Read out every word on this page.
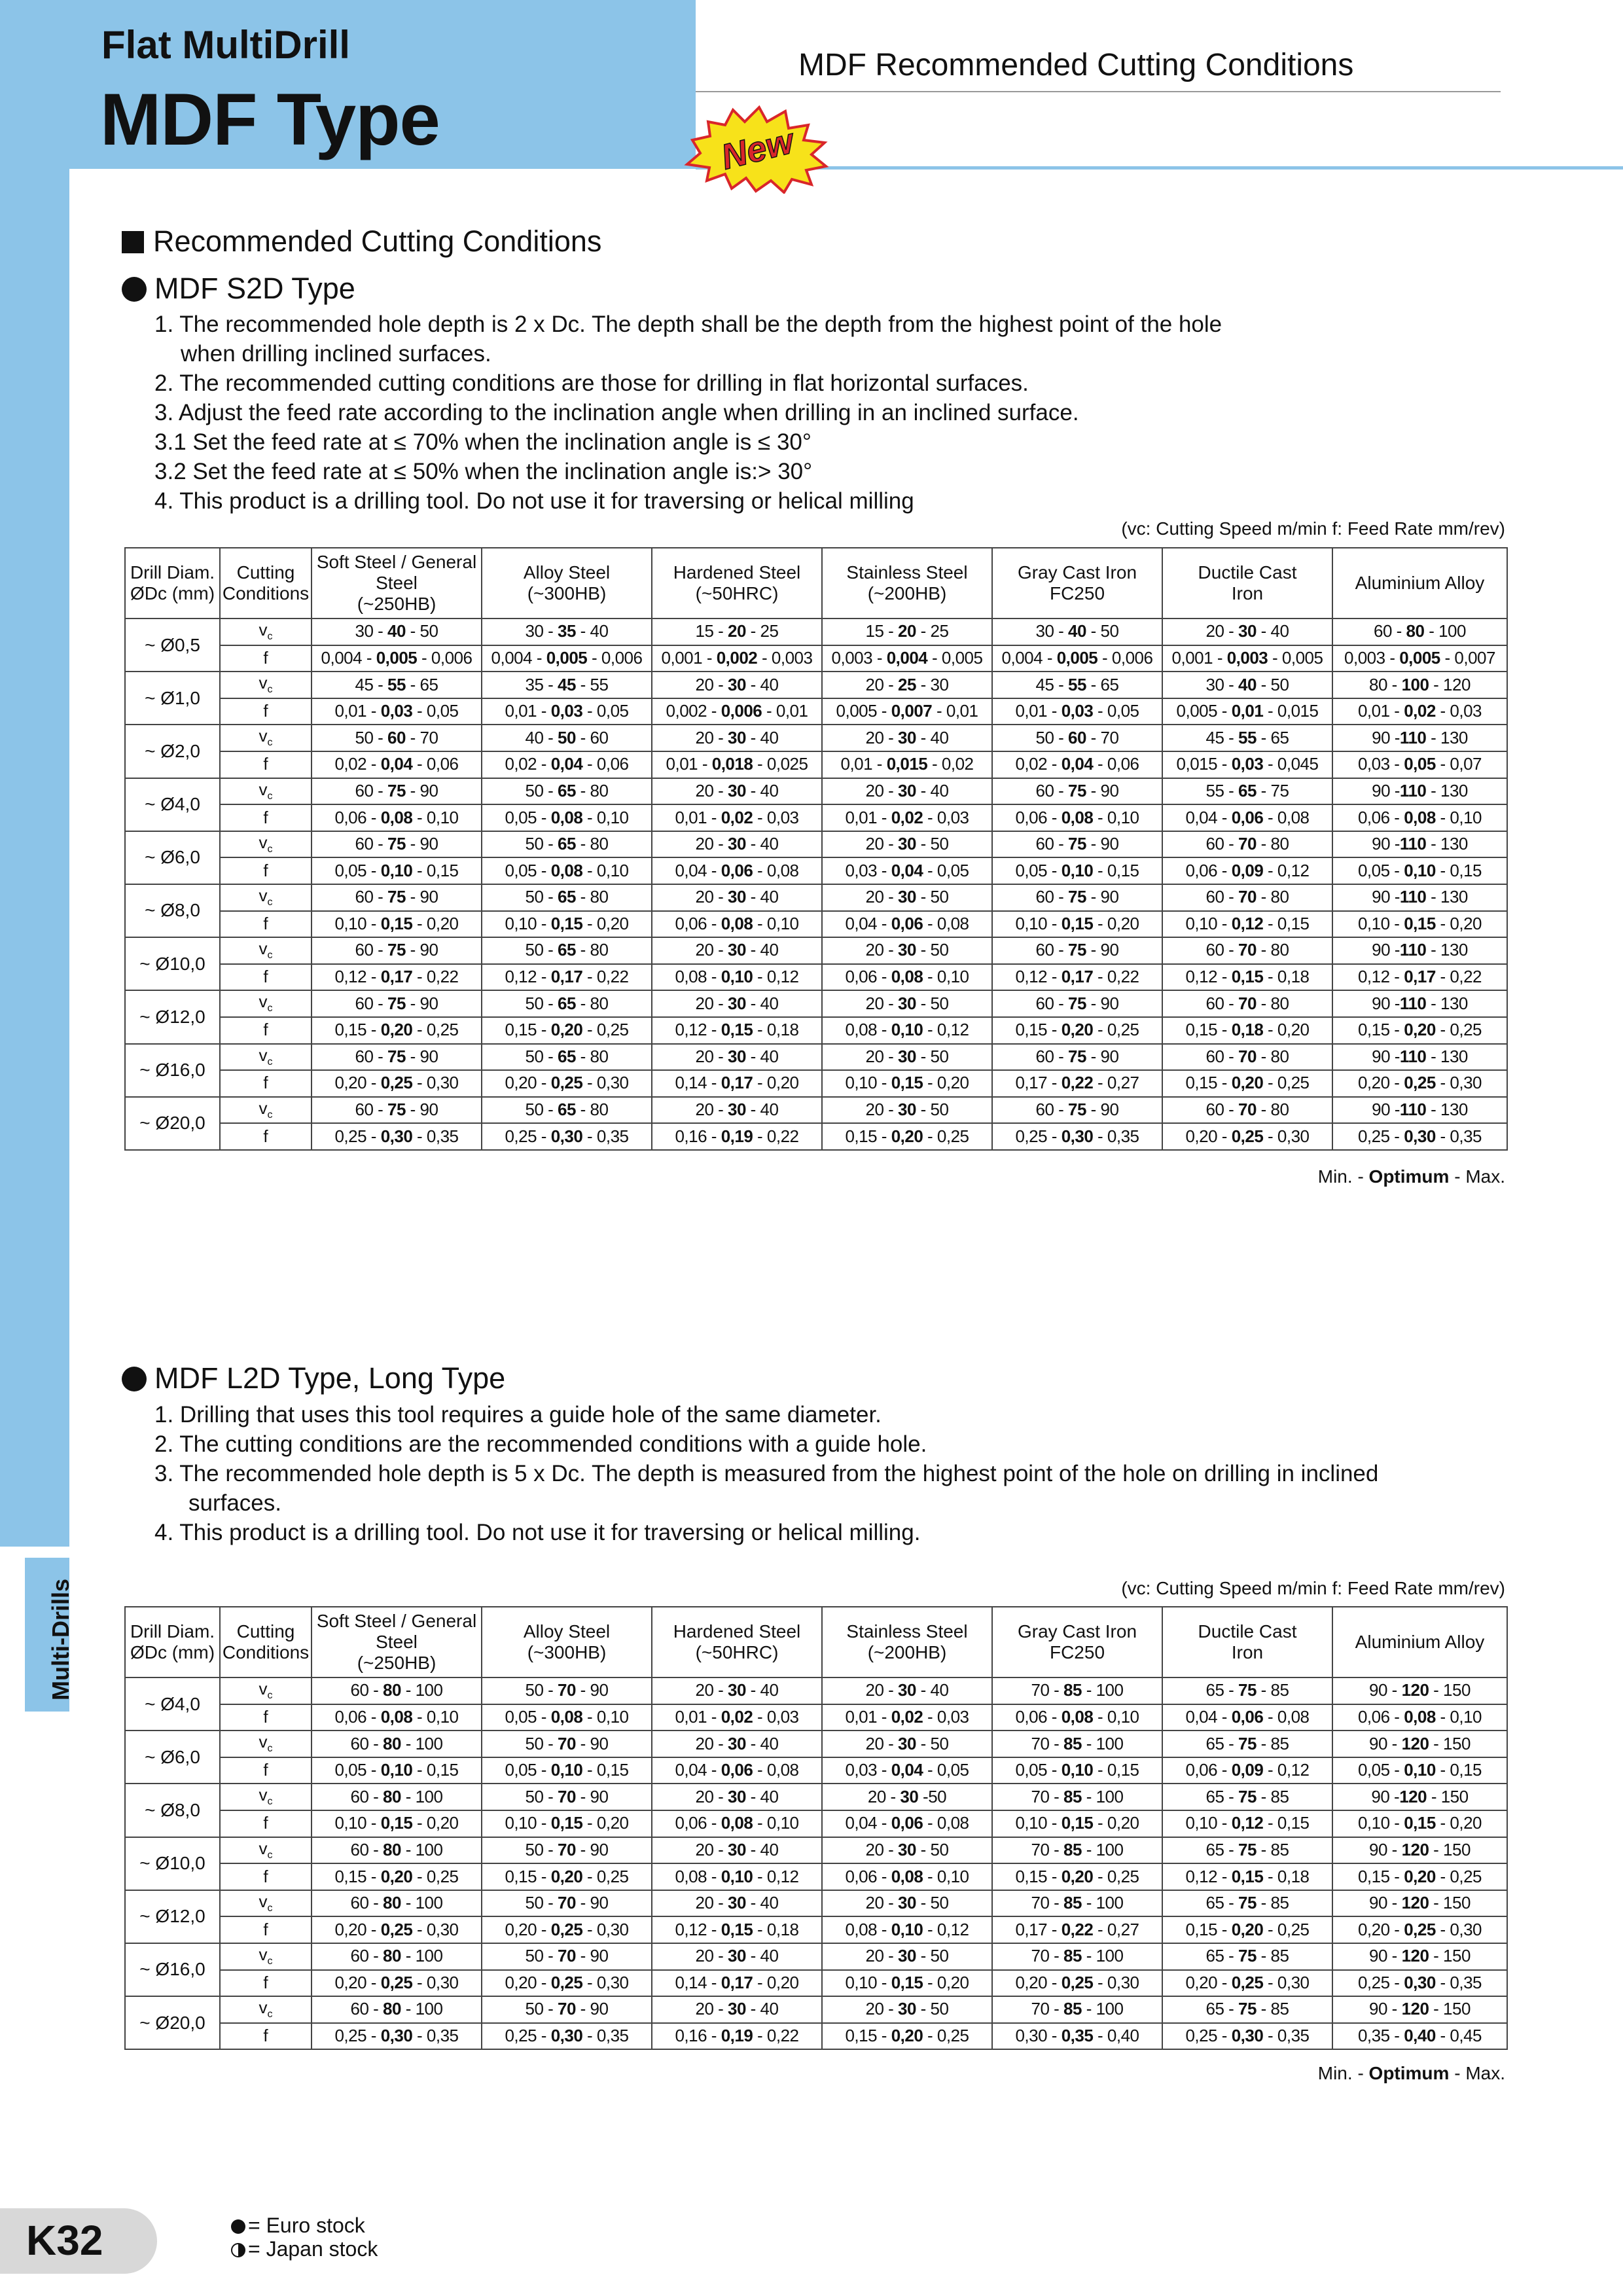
Flat MultiDrill
MDF Type
MDF Recommended Cutting Conditions
New
Multi-Drills
Recommended Cutting Conditions
MDF S2D Type
1. The recommended hole depth is 2 x Dc. The depth shall be the depth from the highest point of the hole
when drilling inclined surfaces.
2. The recommended cutting conditions are those for drilling in flat horizontal surfaces.
3. Adjust the feed rate according to the inclination angle when drilling in an inclined surface.
3.1 Set the feed rate at ≤ 70% when the inclination angle is ≤ 30°
3.2 Set the feed rate at ≤ 50% when the inclination angle is:> 30°
4. This product is a drilling tool. Do not use it for traversing or helical milling
(vc: Cutting Speed m/min f: Feed Rate mm/rev)
Drill Diam.
ØDc (mm)	Cutting
Conditions	Soft Steel / General
Steel
(~250HB)	Alloy Steel
(~300HB)	Hardened Steel
(~50HRC)	Stainless Steel
(~200HB)	Gray Cast Iron
FC250	Ductile Cast
Iron	Aluminium Alloy
~ Ø0,5	$v_c$	30 - 40 - 50	30 - 35 - 40	15 - 20 - 25	15 - 20 - 25	30 - 40 - 50	20 - 30 - 40	60 - 80 - 100
	f	0,004 - 0,005 - 0,006	0,004 - 0,005 - 0,006	0,001 - 0,002 - 0,003	0,003 - 0,004 - 0,005	0,004 - 0,005 - 0,006	0,001 - 0,003 - 0,005	0,003 - 0,005 - 0,007
~ Ø1,0	$v_c$	45 - 55 - 65	35 - 45 - 55	20 - 30 - 40	20 - 25 - 30	45 - 55 - 65	30 - 40 - 50	80 - 100 - 120
	f	0,01 - 0,03 - 0,05	0,01 - 0,03 - 0,05	0,002 - 0,006 - 0,01	0,005 - 0,007 - 0,01	0,01 - 0,03 - 0,05	0,005 - 0,01 - 0,015	0,01 - 0,02 - 0,03
~ Ø2,0	$v_c$	50 - 60 - 70	40 - 50 - 60	20 - 30 - 40	20 - 30 - 40	50 - 60 - 70	45 - 55 - 65	90 -110 - 130
	f	0,02 - 0,04 - 0,06	0,02 - 0,04 - 0,06	0,01 - 0,018 - 0,025	0,01 - 0,015 - 0,02	0,02 - 0,04 - 0,06	0,015 - 0,03 - 0,045	0,03 - 0,05 - 0,07
~ Ø4,0	$v_c$	60 - 75 - 90	50 - 65 - 80	20 - 30 - 40	20 - 30 - 40	60 - 75 - 90	55 - 65 - 75	90 -110 - 130
	f	0,06 - 0,08 - 0,10	0,05 - 0,08 - 0,10	0,01 - 0,02 - 0,03	0,01 - 0,02 - 0,03	0,06 - 0,08 - 0,10	0,04 - 0,06 - 0,08	0,06 - 0,08 - 0,10
~ Ø6,0	$v_c$	60 - 75 - 90	50 - 65 - 80	20 - 30 - 40	20 - 30 - 50	60 - 75 - 90	60 - 70 - 80	90 -110 - 130
	f	0,05 - 0,10 - 0,15	0,05 - 0,08 - 0,10	0,04 - 0,06 - 0,08	0,03 - 0,04 - 0,05	0,05 - 0,10 - 0,15	0,06 - 0,09 - 0,12	0,05 - 0,10 - 0,15
~ Ø8,0	$v_c$	60 - 75 - 90	50 - 65 - 80	20 - 30 - 40	20 - 30 - 50	60 - 75 - 90	60 - 70 - 80	90 -110 - 130
	f	0,10 - 0,15 - 0,20	0,10 - 0,15 - 0,20	0,06 - 0,08 - 0,10	0,04 - 0,06 - 0,08	0,10 - 0,15 - 0,20	0,10 - 0,12 - 0,15	0,10 - 0,15 - 0,20
~ Ø10,0	$v_c$	60 - 75 - 90	50 - 65 - 80	20 - 30 - 40	20 - 30 - 50	60 - 75 - 90	60 - 70 - 80	90 -110 - 130
	f	0,12 - 0,17 - 0,22	0,12 - 0,17 - 0,22	0,08 - 0,10 - 0,12	0,06 - 0,08 - 0,10	0,12 - 0,17 - 0,22	0,12 - 0,15 - 0,18	0,12 - 0,17 - 0,22
~ Ø12,0	$v_c$	60 - 75 - 90	50 - 65 - 80	20 - 30 - 40	20 - 30 - 50	60 - 75 - 90	60 - 70 - 80	90 -110 - 130
	f	0,15 - 0,20 - 0,25	0,15 - 0,20 - 0,25	0,12 - 0,15 - 0,18	0,08 - 0,10 - 0,12	0,15 - 0,20 - 0,25	0,15 - 0,18 - 0,20	0,15 - 0,20 - 0,25
~ Ø16,0	$v_c$	60 - 75 - 90	50 - 65 - 80	20 - 30 - 40	20 - 30 - 50	60 - 75 - 90	60 - 70 - 80	90 -110 - 130
	f	0,20 - 0,25 - 0,30	0,20 - 0,25 - 0,30	0,14 - 0,17 - 0,20	0,10 - 0,15 - 0,20	0,17 - 0,22 - 0,27	0,15 - 0,20 - 0,25	0,20 - 0,25 - 0,30
~ Ø20,0	$v_c$	60 - 75 - 90	50 - 65 - 80	20 - 30 - 40	20 - 30 - 50	60 - 75 - 90	60 - 70 - 80	90 -110 - 130
	f	0,25 - 0,30 - 0,35	0,25 - 0,30 - 0,35	0,16 - 0,19 - 0,22	0,15 - 0,20 - 0,25	0,25 - 0,30 - 0,35	0,20 - 0,25 - 0,30	0,25 - 0,30 - 0,35
Min. - Optimum - Max.
MDF L2D Type, Long Type
1. Drilling that uses this tool requires a guide hole of the same diameter.
2. The cutting conditions are the recommended conditions with a guide hole.
3. The recommended hole depth is 5 x Dc. The depth is measured from the highest point of the hole on drilling in inclined
surfaces.
4. This product is a drilling tool. Do not use it for traversing or helical milling.
(vc: Cutting Speed m/min f: Feed Rate mm/rev)
Drill Diam.
ØDc (mm)	Cutting
Conditions	Soft Steel / General
Steel
(~250HB)	Alloy Steel
(~300HB)	Hardened Steel
(~50HRC)	Stainless Steel
(~200HB)	Gray Cast Iron
FC250	Ductile Cast
Iron	Aluminium Alloy
~ Ø4,0	$v_c$	60 - 80 - 100	50 - 70 - 90	20 - 30 - 40	20 - 30 - 40	70 - 85 - 100	65 - 75 - 85	90 - 120 - 150
	f	0,06 - 0,08 - 0,10	0,05 - 0,08 - 0,10	0,01 - 0,02 - 0,03	0,01 - 0,02 - 0,03	0,06 - 0,08 - 0,10	0,04 - 0,06 - 0,08	0,06 - 0,08 - 0,10
~ Ø6,0	$v_c$	60 - 80 - 100	50 - 70 - 90	20 - 30 - 40	20 - 30 - 50	70 - 85 - 100	65 - 75 - 85	90 - 120 - 150
	f	0,05 - 0,10 - 0,15	0,05 - 0,10 - 0,15	0,04 - 0,06 - 0,08	0,03 - 0,04 - 0,05	0,05 - 0,10 - 0,15	0,06 - 0,09 - 0,12	0,05 - 0,10 - 0,15
~ Ø8,0	$v_c$	60 - 80 - 100	50 - 70 - 90	20 - 30 - 40	20 - 30 -50	70 - 85 - 100	65 - 75 - 85	90 -120 - 150
	f	0,10 - 0,15 - 0,20	0,10 - 0,15 - 0,20	0,06 - 0,08 - 0,10	0,04 - 0,06 - 0,08	0,10 - 0,15 - 0,20	0,10 - 0,12 - 0,15	0,10 - 0,15 - 0,20
~ Ø10,0	$v_c$	60 - 80 - 100	50 - 70 - 90	20 - 30 - 40	20 - 30 - 50	70 - 85 - 100	65 - 75 - 85	90 - 120 - 150
	f	0,15 - 0,20 - 0,25	0,15 - 0,20 - 0,25	0,08 - 0,10 - 0,12	0,06 - 0,08 - 0,10	0,15 - 0,20 - 0,25	0,12 - 0,15 - 0,18	0,15 - 0,20 - 0,25
~ Ø12,0	$v_c$	60 - 80 - 100	50 - 70 - 90	20 - 30 - 40	20 - 30 - 50	70 - 85 - 100	65 - 75 - 85	90 - 120 - 150
	f	0,20 - 0,25 - 0,30	0,20 - 0,25 - 0,30	0,12 - 0,15 - 0,18	0,08 - 0,10 - 0,12	0,17 - 0,22 - 0,27	0,15 - 0,20 - 0,25	0,20 - 0,25 - 0,30
~ Ø16,0	$v_c$	60 - 80 - 100	50 - 70 - 90	20 - 30 - 40	20 - 30 - 50	70 - 85 - 100	65 - 75 - 85	90 - 120 - 150
	f	0,20 - 0,25 - 0,30	0,20 - 0,25 - 0,30	0,14 - 0,17 - 0,20	0,10 - 0,15 - 0,20	0,20 - 0,25 - 0,30	0,20 - 0,25 - 0,30	0,25 - 0,30 - 0,35
~ Ø20,0	$v_c$	60 - 80 - 100	50 - 70 - 90	20 - 30 - 40	20 - 30 - 50	70 - 85 - 100	65 - 75 - 85	90 - 120 - 150
	f	0,25 - 0,30 - 0,35	0,25 - 0,30 - 0,35	0,16 - 0,19 - 0,22	0,15 - 0,20 - 0,25	0,30 - 0,35 - 0,40	0,25 - 0,30 - 0,35	0,35 - 0,40 - 0,45
Min. - Optimum - Max.
K32	= Euro stock
= Japan stock
